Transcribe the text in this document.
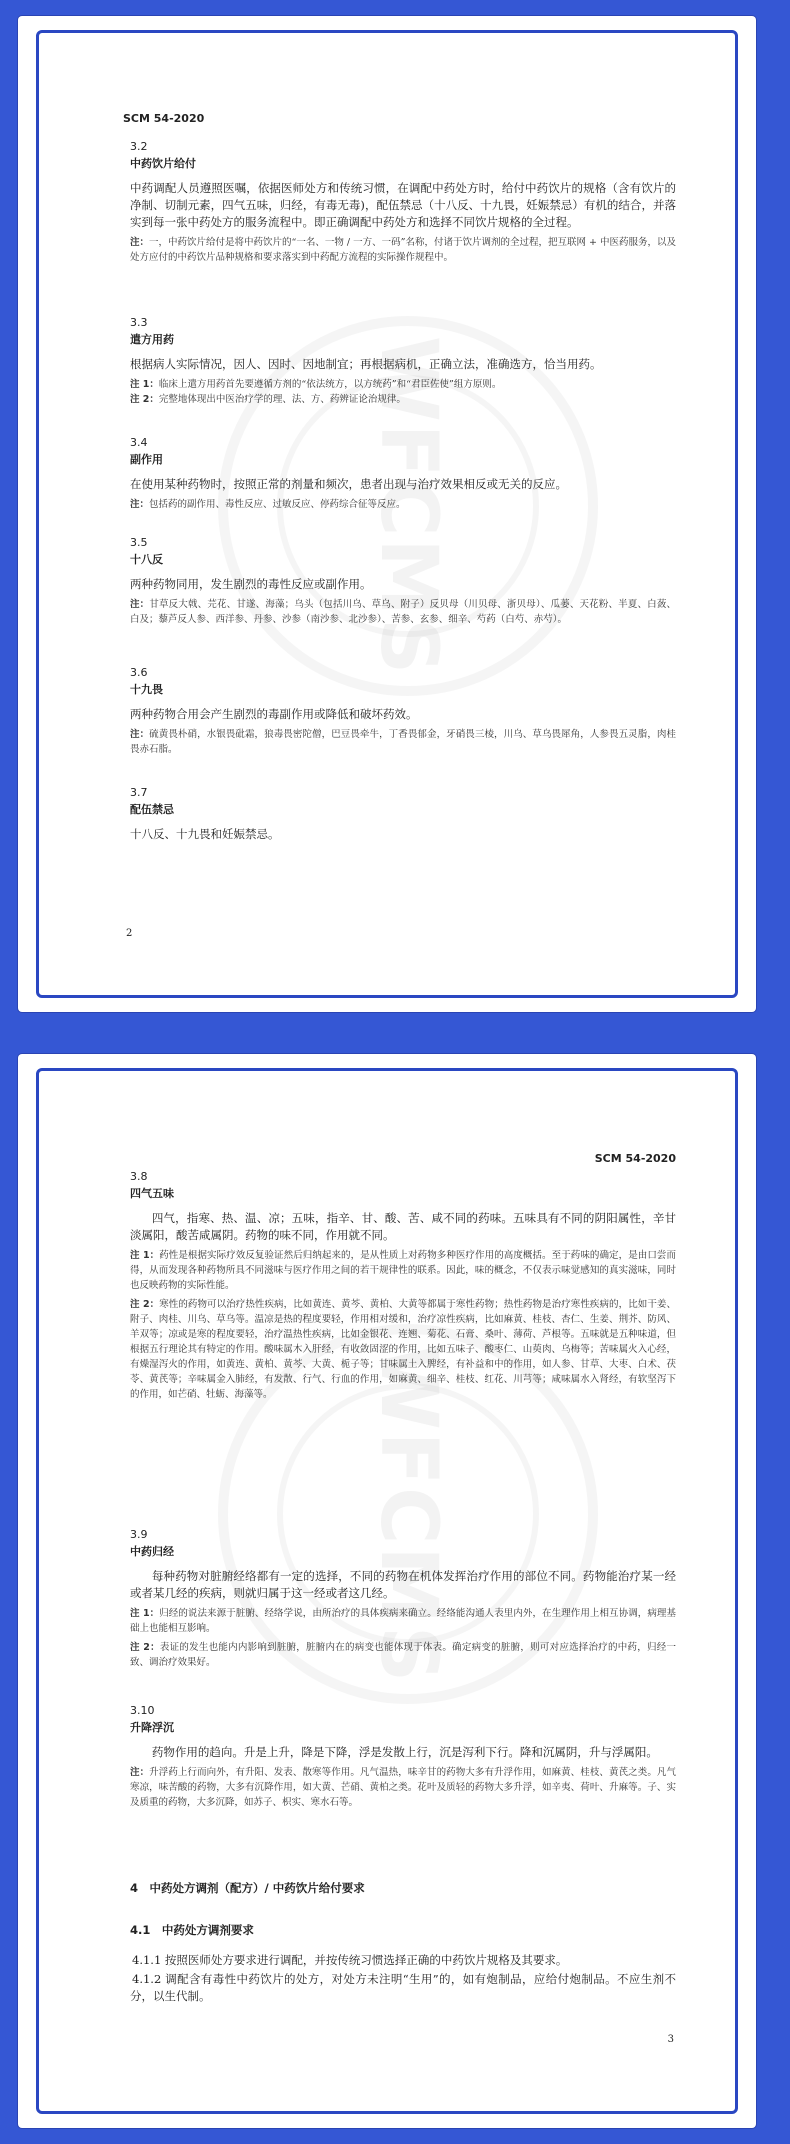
WFCMS
SCM 54-2020
3.2
中药饮片给付
中药调配人员遵照医嘱，依据医师处方和传统习惯，在调配中药处方时，给付中药饮片的规格（含有饮片的净制、切制元素，四气五味，归经，有毒无毒)，配伍禁忌（十八反、十九畏，妊娠禁忌）有机的结合，并落实到每一张中药处方的服务流程中。即正确调配中药处方和选择不同饮片规格的全过程。
注：一，中药饮片给付是将中药饮片的“一名、一物 / 一方、一码”名称，付诸于饮片调剂的全过程，把互联网 + 中医药服务，以及处方应付的中药饮片品种规格和要求落实到中药配方流程的实际操作规程中。
3.3
遣方用药
根据病人实际情况，因人、因时、因地制宜；再根据病机，正确立法，准确选方，恰当用药。
注 1：临床上遣方用药首先要遵循方剂的“依法统方，以方统药”和“君臣佐使”组方原则。
注 2：完整地体现出中医治疗学的理、法、方、药辨证论治规律。
3.4
副作用
在使用某种药物时，按照正常的剂量和频次，患者出现与治疗效果相反或无关的反应。
注：包括药的副作用、毒性反应、过敏反应、停药综合征等反应。
3.5
十八反
两种药物同用，发生剧烈的毒性反应或副作用。
注：甘草反大戟、芫花、甘遂、海藻；乌头（包括川乌、草乌、附子）反贝母（川贝母、浙贝母）、瓜蒌、天花粉、半夏、白蔹、白及；藜芦反人参、西洋参、丹参、沙参（南沙参、北沙参）、苦参、玄参、细辛、芍药（白芍、赤芍）。
3.6
十九畏
两种药物合用会产生剧烈的毒副作用或降低和破坏药效。
注：硫黄畏朴硝，水银畏砒霜，狼毒畏密陀僧，巴豆畏牵牛，丁香畏郁金，牙硝畏三棱，川乌、草乌畏犀角，人参畏五灵脂，肉桂畏赤石脂。
3.7
配伍禁忌
十八反、十九畏和妊娠禁忌。
2
WFCMS
SCM 54-2020
3.8
四气五味
四气，指寒、热、温、凉；五味，指辛、甘、酸、苦、咸不同的药味。五味具有不同的阴阳属性，辛甘淡属阳，酸苦咸属阴。药物的味不同，作用就不同。
注 1：药性是根据实际疗效反复验证然后归纳起来的，是从性质上对药物多种医疗作用的高度概括。至于药味的确定，是由口尝而得，从而发现各种药物所具不同滋味与医疗作用之间的若干规律性的联系。因此，味的概念，不仅表示味觉感知的真实滋味，同时也反映药物的实际性能。
注 2：寒性的药物可以治疗热性疾病，比如黄连、黄芩、黄柏、大黄等都属于寒性药物；热性药物是治疗寒性疾病的，比如干姜、附子、肉桂、川乌、草乌等。温凉是热的程度要轻，作用相对缓和，治疗凉性疾病，比如麻黄、桂枝、杏仁、生姜、荆芥、防风、羊双等；凉或是寒的程度要轻，治疗温热性疾病，比如金银花、连翘、菊花、石膏、桑叶、薄荷、芦根等。五味就是五种味道，但根据五行理论其有特定的作用。酸味属木入肝经，有收敛固涩的作用，比如五味子、酸枣仁、山萸肉、乌梅等；苦味属火入心经，有燥湿泻火的作用，如黄连、黄柏、黄芩、大黄、栀子等；甘味属土入脾经，有补益和中的作用，如人参、甘草、大枣、白术、茯苓、黄芪等；辛味属金入肺经，有发散、行气、行血的作用，如麻黄、细辛、桂枝、红花、川芎等；咸味属水入肾经，有软坚泻下的作用，如芒硝、牡蛎、海藻等。
3.9
中药归经
每种药物对脏腑经络都有一定的选择，不同的药物在机体发挥治疗作用的部位不同。药物能治疗某一经或者某几经的疾病，则就归属于这一经或者这几经。
注 1：归经的说法来源于脏腑、经络学说，由所治疗的具体疾病来确立。经络能沟通人表里内外，在生理作用上相互协调，病理基础上也能相互影响。
注 2：表证的发生也能内内影响到脏腑，脏腑内在的病变也能体现于体表。确定病变的脏腑，则可对应选择治疗的中药，归经一致、调治疗效果好。
3.10
升降浮沉
药物作用的趋向。升是上升，降是下降，浮是发散上行，沉是泻利下行。降和沉属阴，升与浮属阳。
注：升浮药上行而向外，有升阳、发表、散寒等作用。凡气温热，味辛甘的药物大多有升浮作用，如麻黄、桂枝、黄芪之类。凡气寒凉，味苦酸的药物，大多有沉降作用，如大黄、芒硝、黄柏之类。花叶及质轻的药物大多升浮，如辛夷、荷叶、升麻等。子、实及质重的药物，大多沉降，如苏子、枳实、寒水石等。
4　中药处方调剂（配方）/ 中药饮片给付要求
4.1　中药处方调剂要求
4.1.1 按照医师处方要求进行调配，并按传统习惯选择正确的中药饮片规格及其要求。
4.1.2 调配含有毒性中药饮片的处方，对处方未注明“生用”的，如有炮制品，应给付炮制品。不应生剂不分，以生代制。
3
